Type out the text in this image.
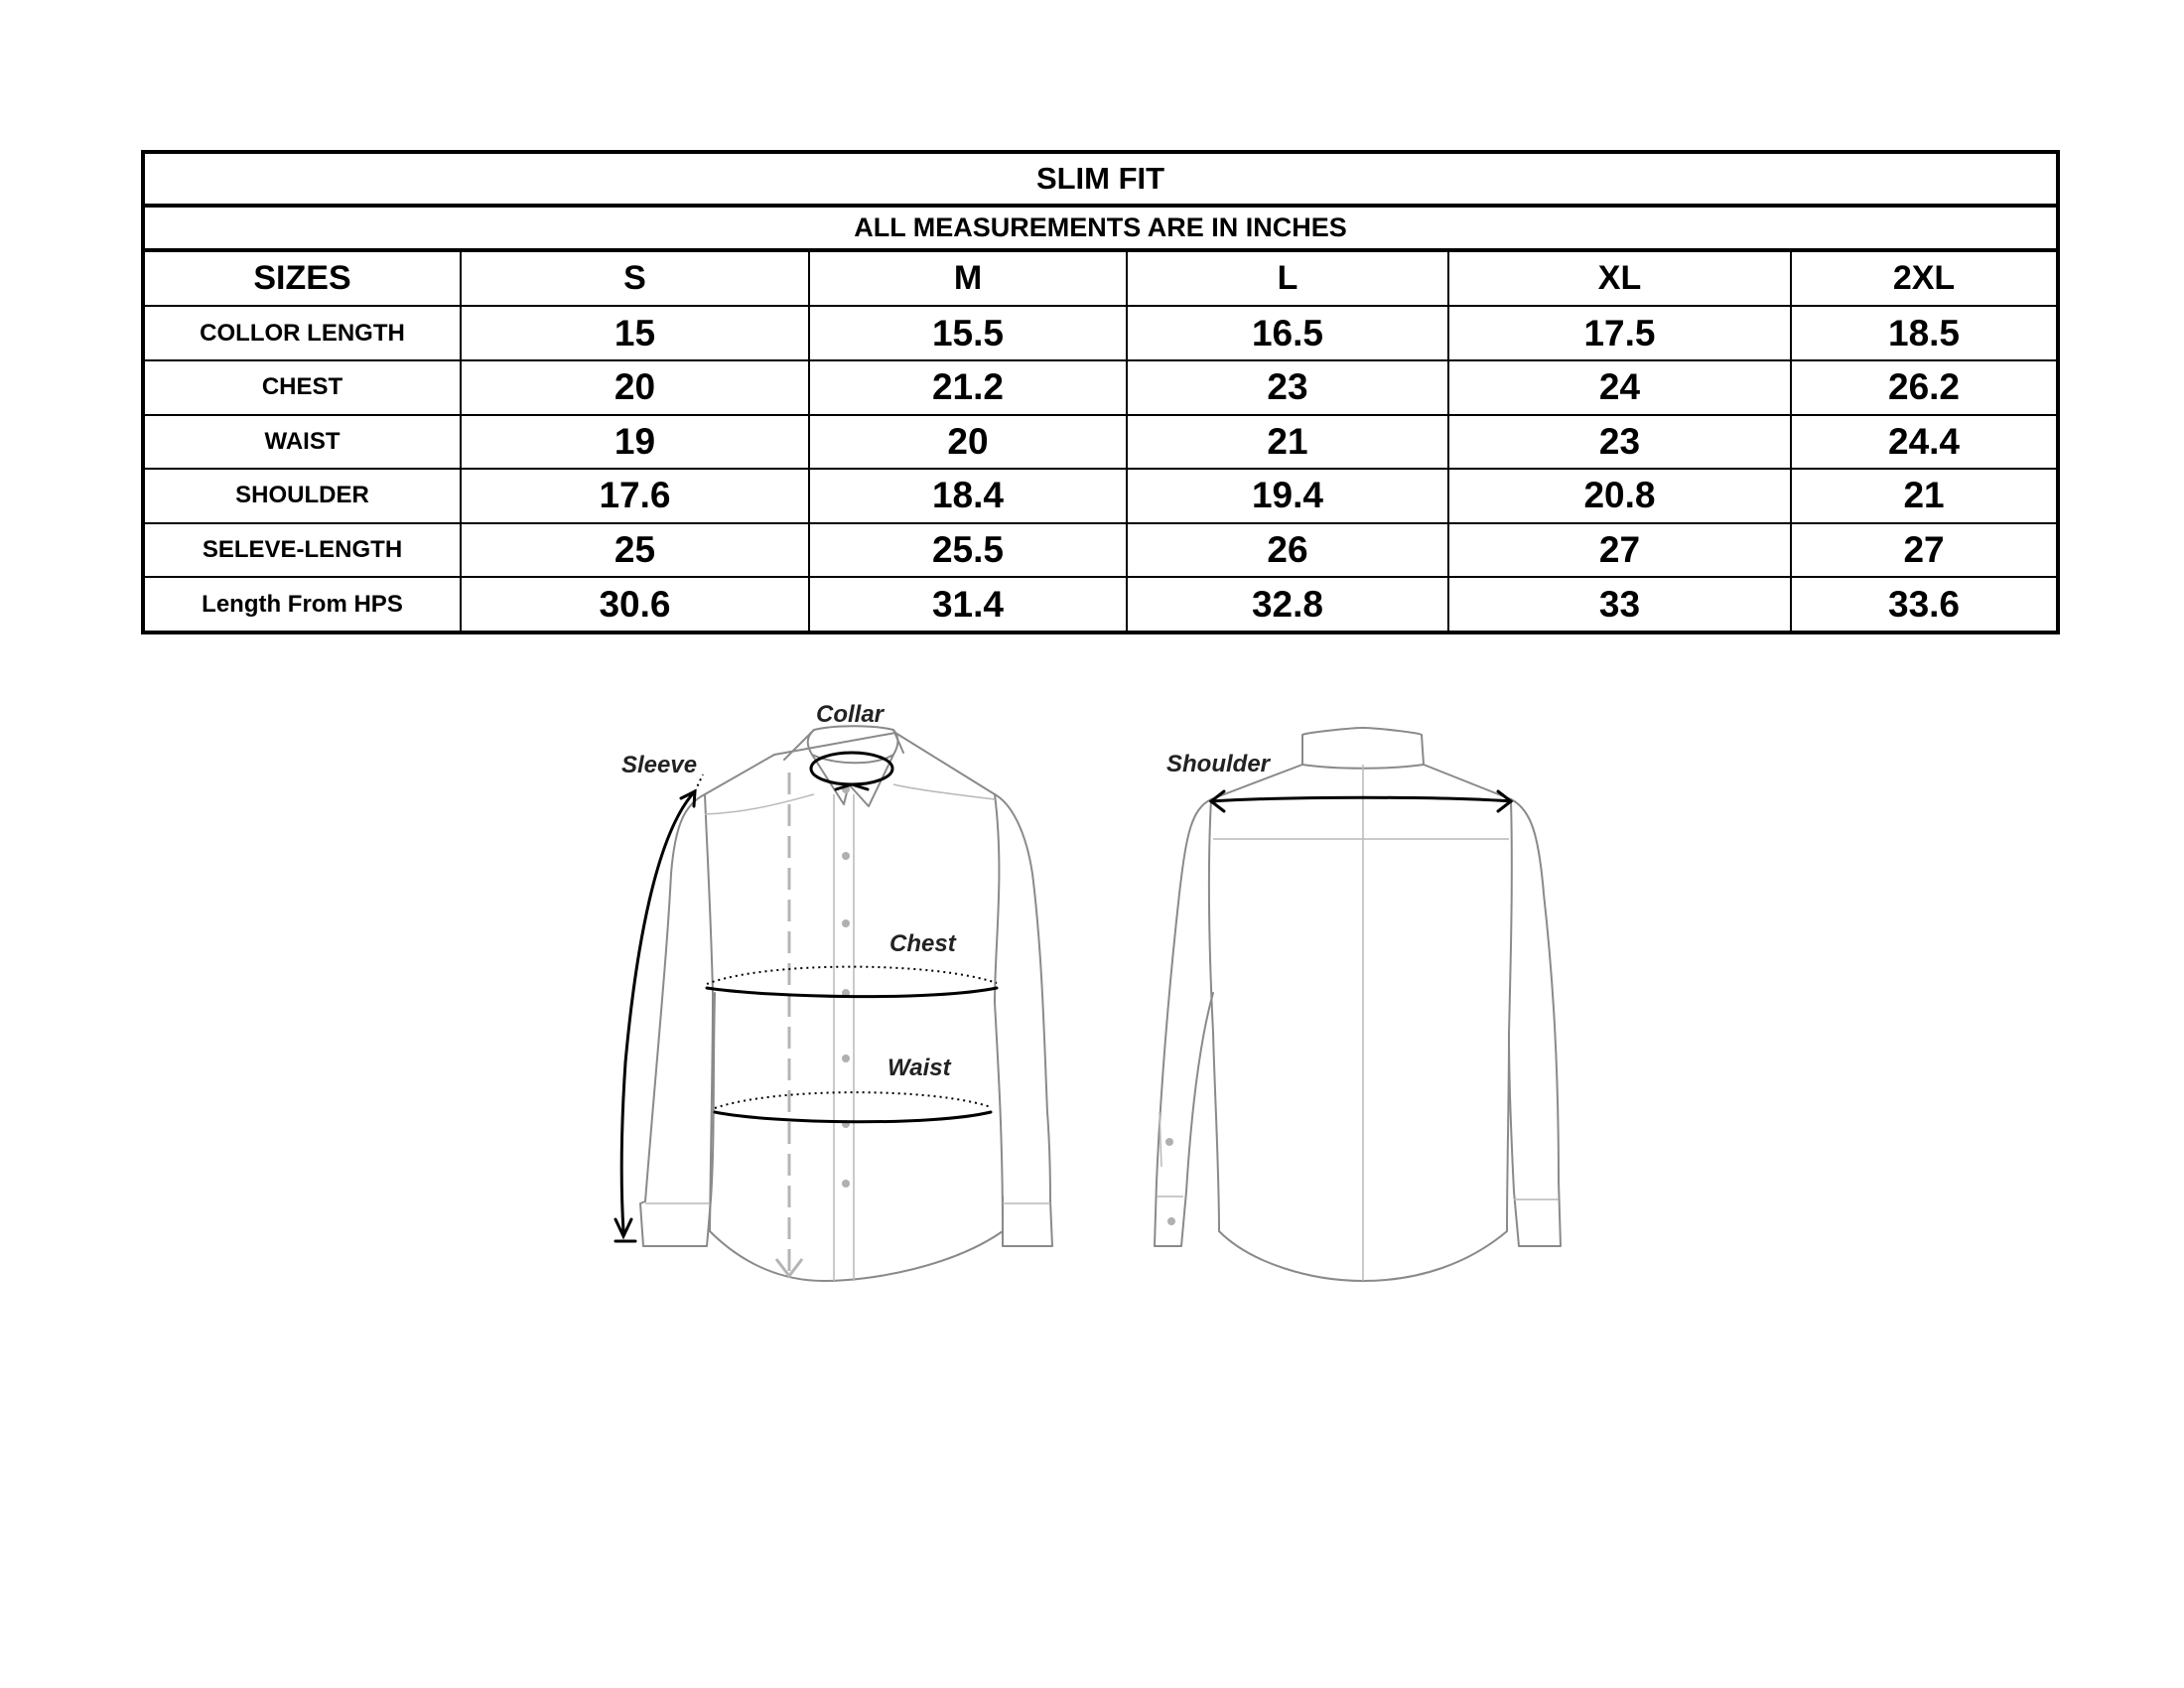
SLIM FIT					
ALL MEASUREMENTS ARE IN INCHES					
SIZES	S	M	L	XL	2XL
COLLOR LENGTH	15	15.5	16.5	17.5	18.5
CHEST	20	21.2	23	24	26.2
WAIST	19	20	21	23	24.4
SHOULDER	17.6	18.4	19.4	20.8	21
SELEVE-LENGTH	25	25.5	26	27	27
Length From HPS	30.6	31.4	32.8	33	33.6
Collar
Sleeve
Chest
Waist
Shoulder
